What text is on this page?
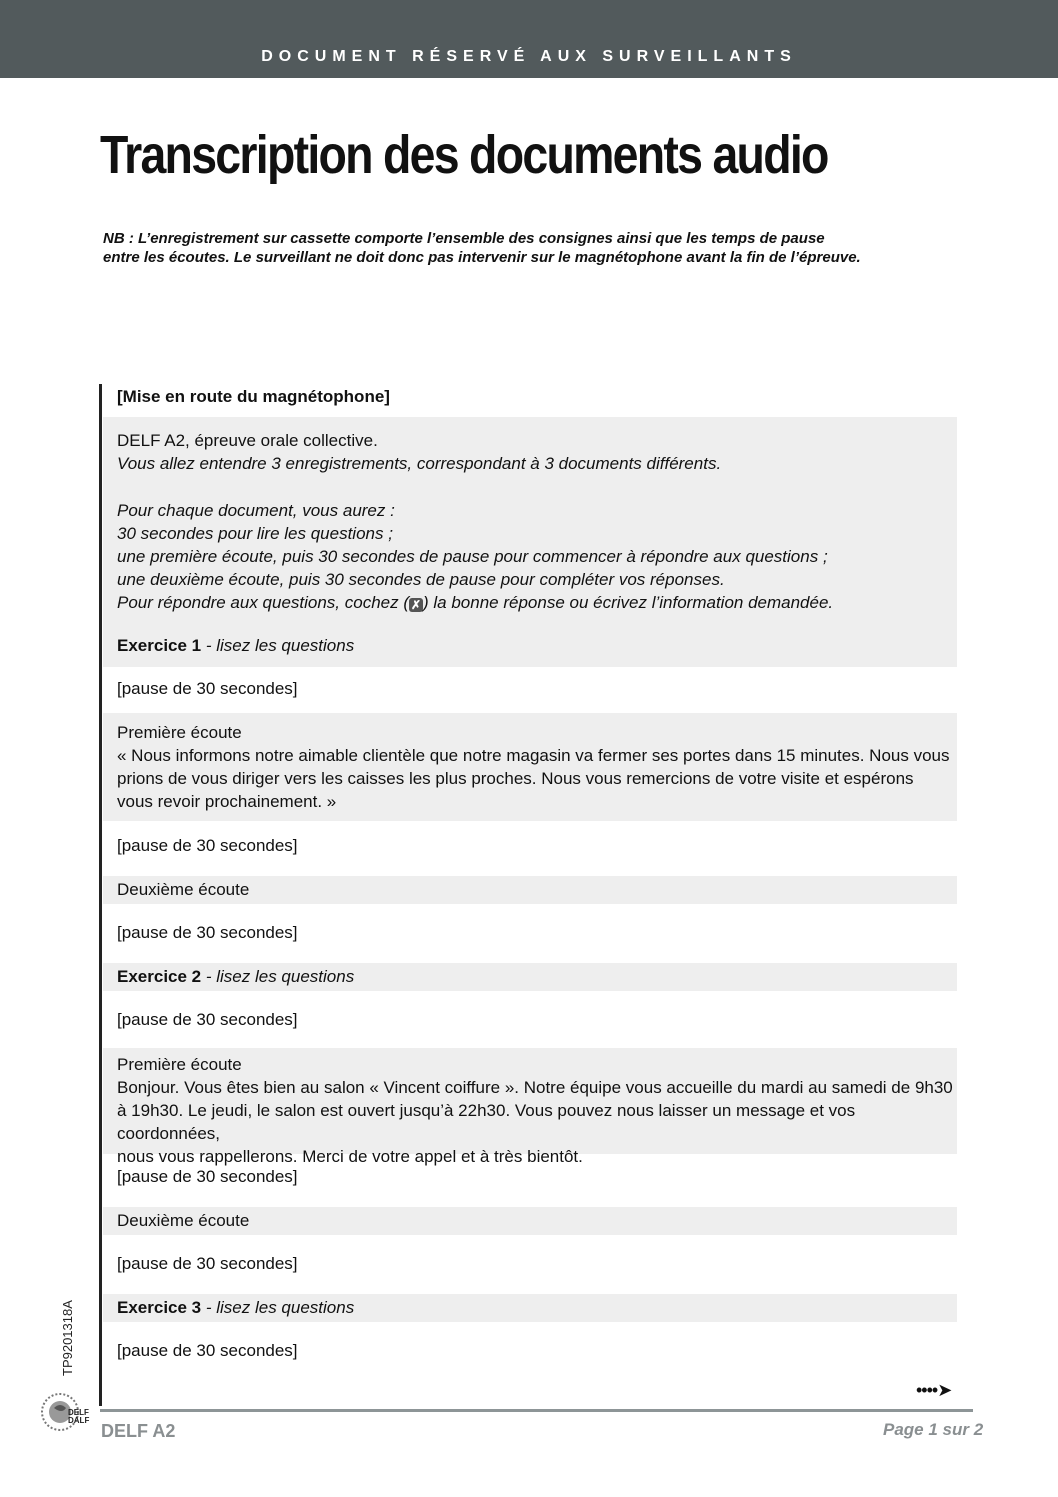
DOCUMENT RÉSERVÉ AUX SURVEILLANTS
Transcription des documents audio
NB : L’enregistrement sur cassette comporte l’ensemble des consignes ainsi que les temps de pause
entre les écoutes. Le surveillant ne doit donc pas intervenir sur le magnétophone avant la fin de l’épreuve.
[Mise en route du magnétophone]
DELF A2, épreuve orale collective.
Vous allez entendre 3 enregistrements, correspondant à 3 documents différents.
Pour chaque document, vous aurez :
30 secondes pour lire les questions ;
une première écoute, puis 30 secondes de pause pour commencer à répondre aux questions ;
une deuxième écoute, puis 30 secondes de pause pour compléter vos réponses.
Pour répondre aux questions, cochez ( ✗ ) la bonne réponse ou écrivez l’information demandée.
Exercice 1 - lisez les questions
[pause de 30 secondes]
Première écoute
« Nous informons notre aimable clientèle que notre magasin va fermer ses portes dans 15 minutes. Nous vous
prions de vous diriger vers les caisses les plus proches. Nous vous remercions de votre visite et espérons
vous revoir prochainement. »
[pause de 30 secondes]
Deuxième écoute
[pause de 30 secondes]
Exercice 2 - lisez les questions
[pause de 30 secondes]
Première écoute
Bonjour. Vous êtes bien au salon « Vincent coiffure ». Notre équipe vous accueille du mardi au samedi de 9h30
à 19h30. Le jeudi, le salon est ouvert jusqu’à 22h30. Vous pouvez nous laisser un message et vos coordonnées,
nous vous rappellerons. Merci de votre appel et à très bientôt.
[pause de 30 secondes]
Deuxième écoute
[pause de 30 secondes]
Exercice 3 - lisez les questions
[pause de 30 secondes]
••••➤
DELF A2	Page 1 sur 2
TP9201318A
DELF
DALF
